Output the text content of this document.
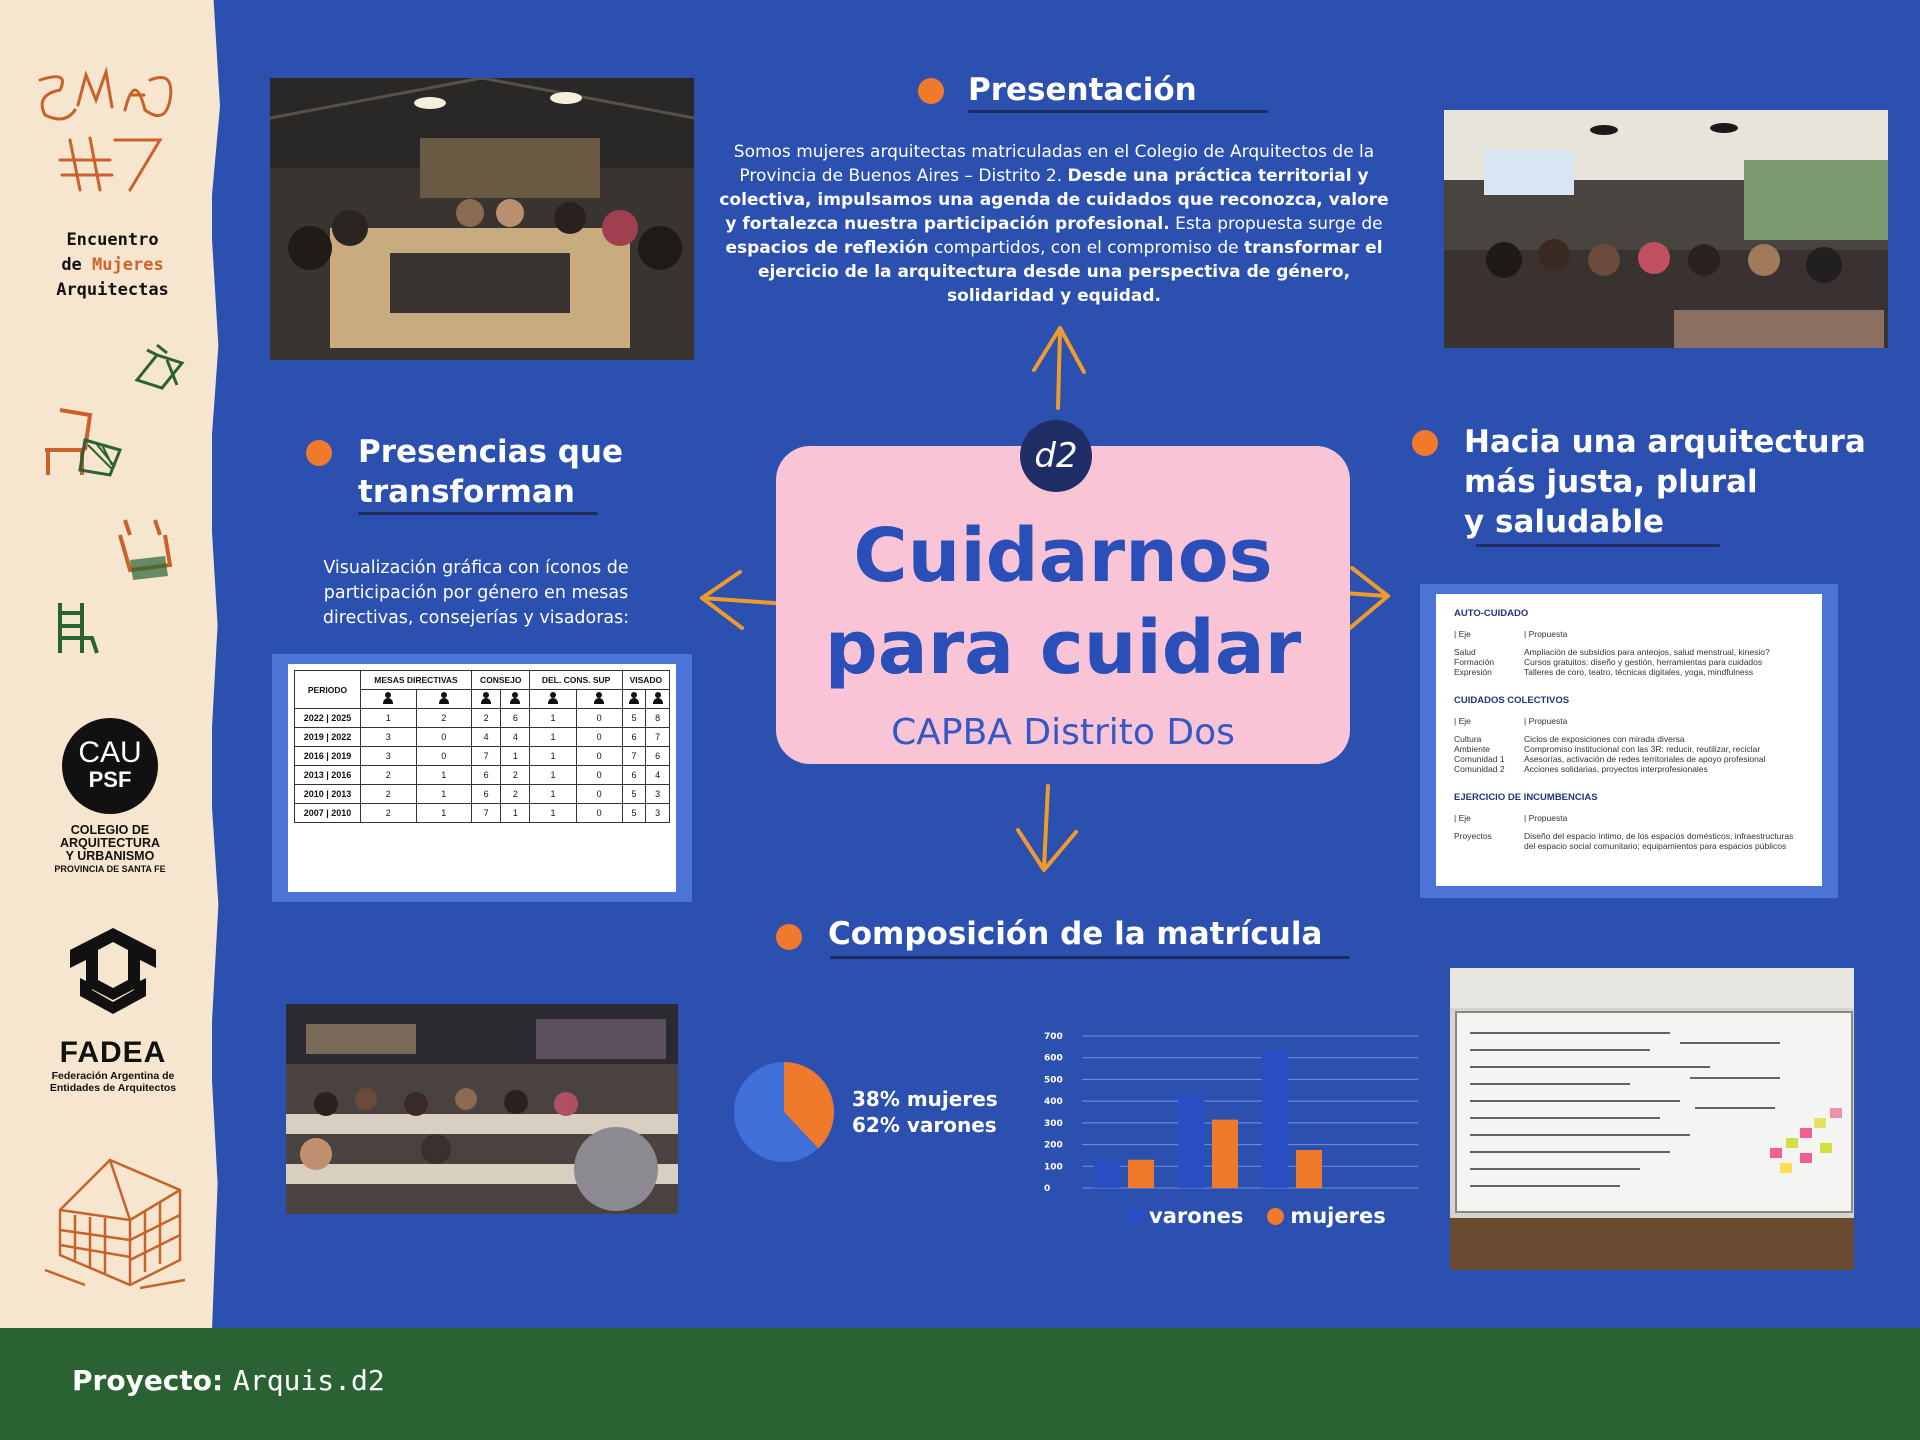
Encuentro
de Mujeres
Arquitectas
CAU
PSF
COLEGIO DE
ARQUITECTURA
Y URBANISMO
PROVINCIA DE SANTA FE
FADEA
Federación Argentina de
Entidades de Arquitectos
Proyecto: Arquis.d2
Presentación
Somos mujeres arquitectas matriculadas en el Colegio de Arquitectos de la Provincia de Buenos Aires – Distrito 2. Desde una práctica territorial y colectiva, impulsamos una agenda de cuidados que reconozca, valore y fortalezca nuestra participación profesional. Esta propuesta surge de espacios de reflexión compartidos, con el compromiso de transformar el ejercicio de la arquitectura desde una perspectiva de género, solidaridad y equidad.
d2
Cuidarnos
para cuidar
CAPBA Distrito Dos
Presencias que
transforman
Visualización gráfica con íconos de participación por género en mesas directivas, consejerías y visadoras:
PERIODO	MESAS DIRECTIVAS		CONSEJO		DEL. CONS. SUP		VISADO	

2022 | 2025	1	2	2	6	1	0	5	8
2019 | 2022	3	0	4	4	1	0	6	7
2016 | 2019	3	0	7	1	1	0	7	6
2013 | 2016	2	1	6	2	1	0	6	4
2010 | 2013	2	1	6	2	1	0	5	3
2007 | 2010	2	1	7	1	1	0	5	3
Hacia una arquitectura
más justa, plural
y saludable
AUTO-CUIDADO
| Eje	| Propuesta
Salud	Ampliación de subsidios para anteojos, salud menstrual, kinesio?
Formación	Cursos gratuitos: diseño y gestión, herramientas para cuidados
Expresión	Talleres de coro, teatro, técnicas digitales, yoga, mindfulness
CUIDADOS COLECTIVOS
| Eje	| Propuesta
Cultura	Ciclos de exposiciones con mirada diversa
Ambiente	Compromiso institucional con las 3R: reducir, reutilizar, reciclar
Comunidad 1	Asesorías, activación de redes territoriales de apoyo profesional
Comunidad 2	Acciones solidarias, proyectos interprofesionales
EJERCICIO DE INCUMBENCIAS
| Eje	| Propuesta
Proyectos	Diseño del espacio íntimo, de los espacios domésticos; infraestructuras del espacio social comunitario; equipamientos para espacios públicos
Composición de la matrícula
38% mujeres
62% varones
0
100
200
300
400
500
600
700
varones mujeres
